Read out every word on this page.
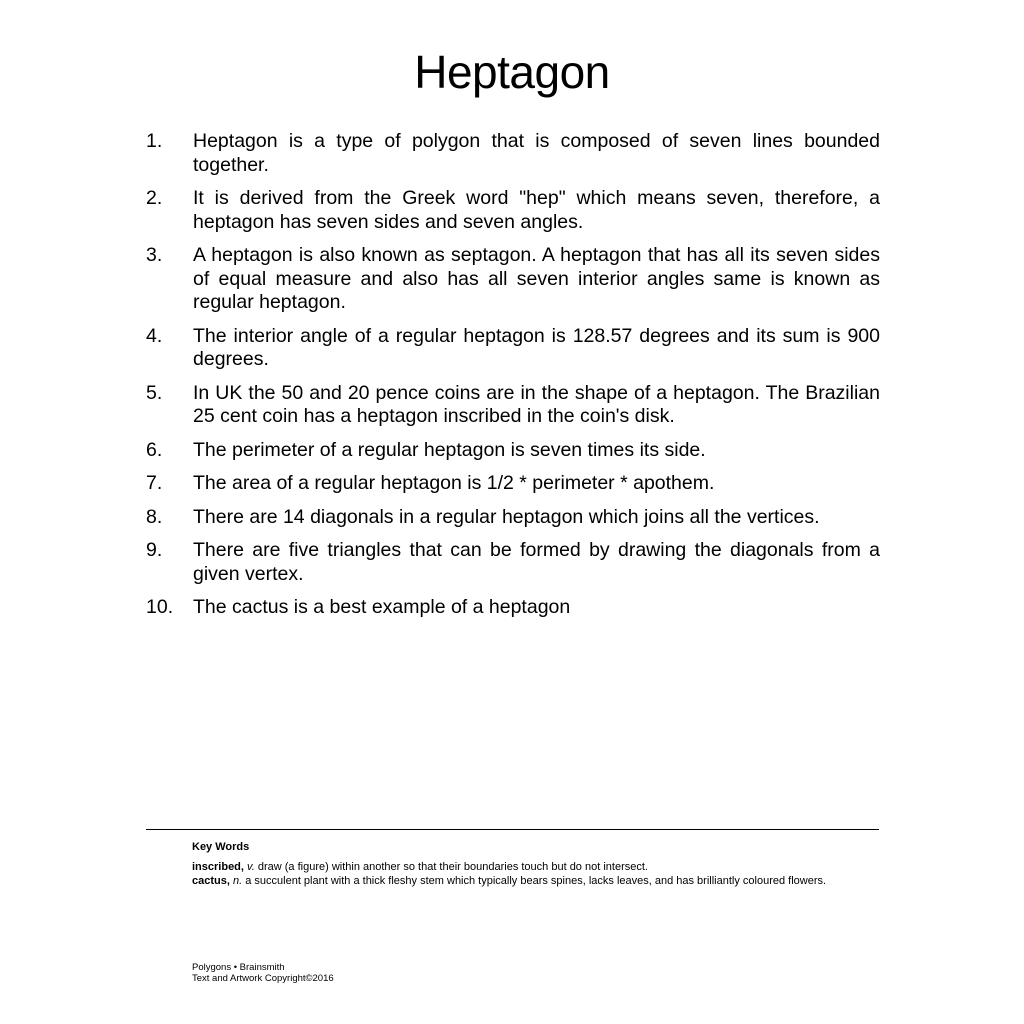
Heptagon
1. Heptagon is a type of polygon that is composed of seven lines bounded together.
2. It is derived from the Greek word "hep" which means seven, therefore, a heptagon has seven sides and seven angles.
3. A heptagon is also known as septagon. A heptagon that has all its seven sides of equal measure and also has all seven interior angles same is known as regular heptagon.
4. The interior angle of a regular heptagon is 128.57 degrees and its sum is 900 degrees.
5. In UK the 50 and 20 pence coins are in the shape of a heptagon. The Brazilian 25 cent coin has a heptagon inscribed in the coin's disk.
6. The perimeter of a regular heptagon is seven times its side.
7. The area of a regular heptagon is 1/2 * perimeter * apothem.
8. There are 14 diagonals in a regular heptagon which joins all the vertices.
9. There are five triangles that can be formed by drawing the diagonals from a given vertex.
10. The cactus is a best example of a heptagon
Key Words
inscribed, v. draw (a figure) within another so that their boundaries touch but do not intersect.
cactus, n. a succulent plant with a thick fleshy stem which typically bears spines, lacks leaves, and has brilliantly coloured flowers.
Polygons • Brainsmith
Text and Artwork Copyright©2016
